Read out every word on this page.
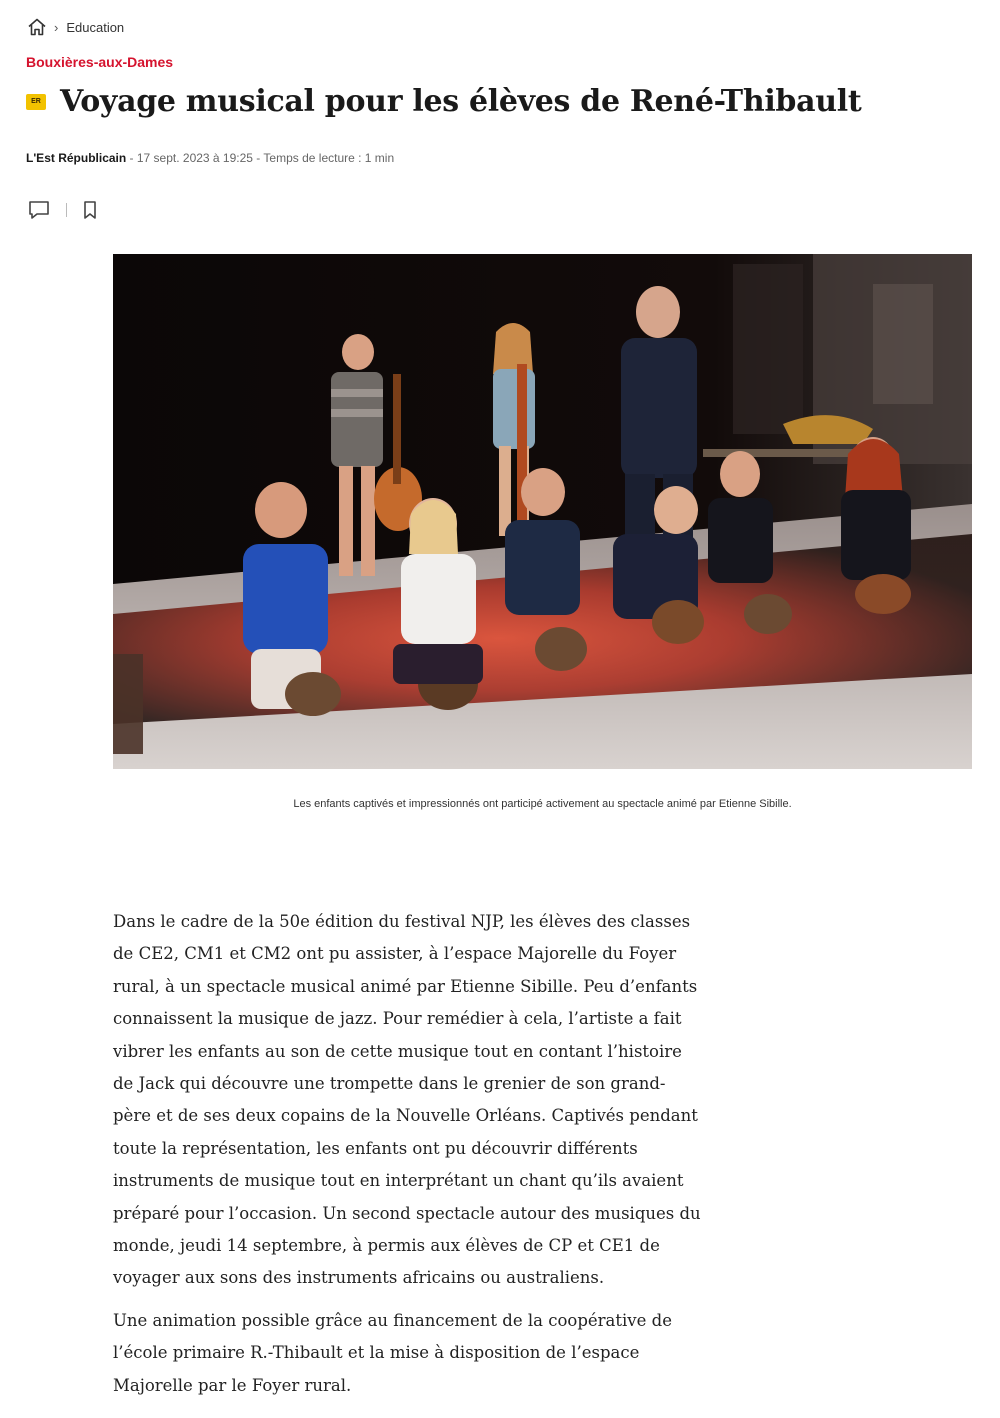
› Education
Bouxières-aux-Dames
ER Voyage musical pour les élèves de René-Thibault
L'Est Républicain - 17 sept. 2023 à 19:25 - Temps de lecture : 1 min
Les enfants captivés et impressionnés ont participé activement au spectacle animé par Etienne Sibille.

Dans le cadre de la 50e édition du festival NJP, les élèves des classes de CE2, CM1 et CM2 ont pu assister, à l’espace Majorelle du Foyer rural, à un spectacle musical animé par Etienne Sibille. Peu d’enfants connaissent la musique de jazz. Pour remédier à cela, l’artiste a fait vibrer les enfants au son de cette musique tout en contant l’histoire de Jack qui découvre une trompette dans le grenier de son grand-père et de ses deux copains de la Nouvelle Orléans. Captivés pendant toute la représentation, les enfants ont pu découvrir différents instruments de musique tout en interprétant un chant qu’ils avaient préparé pour l’occasion. Un second spectacle autour des musiques du monde, jeudi 14 septembre, à permis aux élèves de CP et CE1 de voyager aux sons des instruments africains ou australiens.

Une animation possible grâce au financement de la coopérative de l’école primaire R.-Thibault et la mise à disposition de l’espace Majorelle par le Foyer rural.
